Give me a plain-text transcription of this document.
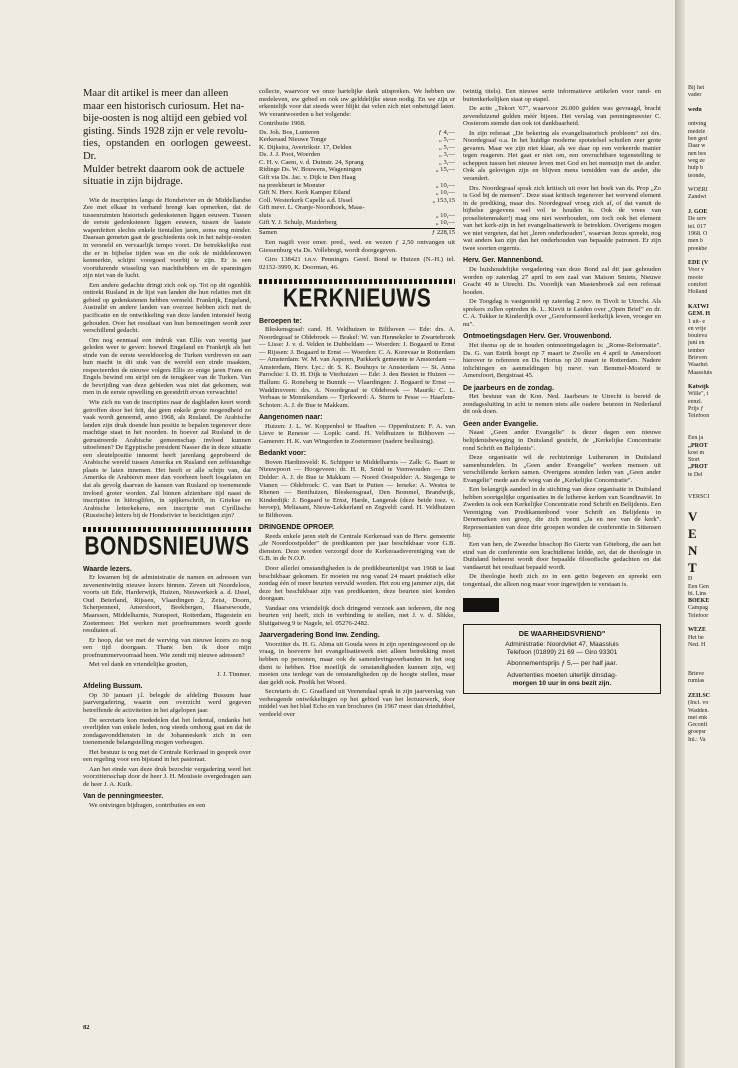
Maar dit artikel is meer dan alleen
maar een historisch curiosum. Het na-
bije-oosten is nog altijd een gebied vol
gisting. Sinds 1928 zijn er vele revolu-
ties, opstanden en oorlogen geweest. Dr.
Mulder betrekt daarom ook de actuele
situatie in zijn bijdrage.

Wie de inscripties langs de Hondsrivier en de Middellandse Zee met elkaar in verband brengt kan opmerken, dat de tussenruimten historisch gedenkstenen liggen eeuwen. Tussen de eerste gedenkstenen liggen eeuwen, tussen de laatste wapenfeiten slechts enkele tientallen jaren, soms nog minder. Daaraan gemeten gaat de geschiedenis ook in het nabije-oosten in versneld en vervaarlijk tempo voort. De betrekkelijke rust die er in bijbelse tijden was en die ook de middeleeuwen kenmerkte, schijnt voorgoed voorbij te zijn. Er is een voortdurende wisseling van machthebbers en de spanningen zijn niet van de lucht.

Een andere gedachte dringt zich ook op. Tot op dit ogenblik onttrekt Rusland in de lijst van landen die hun relaties met dit gebied op gedenkstenen hebben vermeld. Frankrijk, Engeland, Australië en andere landen van overzee hebben zich met de pacificatie en de ontwikkeling van deze landen intensief bezig gehouden. Over het resultaat van hun bemoeiingen wordt zeer verschillend gedacht.

Om nog eenmaal een indruk van Ellis van veertig jaar geleden weer te geven: hoewel Engeland en Frankrijk als het einde van de eerste wereldoorlog de Turken verdreven en aan hun macht in dit stuk van de wereld een einde maakten, respecteerden de nieuwe volgers Ellis zo enige jaren Frans en Engels bewind om strijd om de terugkeer van de Turken. Van de bevrijding van deze gebieden was niet dat gekomen, wat men in de eerste opwelling en geestdrift ervan verwachtte!

Wie zich nu van de inscripties naar de dagbladen keert wordt getroffen door het feit, dat geen enkele grote mogendheid zo vaak wordt genoemd, anno 1968, als Rusland. De Arabische landen zijn druk doende hun positie te bepalen tegenover deze machtige staat in het noorden. In hoever zal Rusland in de getrustreerde Arabische gemeenschap invloed kunnen uitoefenen? De Egyptische president Nasser die in deze situatie een sleutelpositie inneemt heeft jarenlang geprobeerd de Arabische wereld tussen Amerika en Rusland een zelfstandige plaats te laten innemen. Het heeft er alle schijn van, dat Amerika de Arabieren meer dan voorheen heeft losgelaten en dat als gevolg daarvan de kansen van Rusland op toenemende invloed groter worden. Zal binnen afzienbare tijd naast de inscripties in hiëroglifen, in spijkerschrift, in Griekse en Arabische letterkekens, een inscriptie met Cyrillische (Russische) letters bij de Hondsrivier te bezichtigen zijn?

BONDSNIEUWS
Waarde lezers.

Er kwamen bij de administratie de namen en adressen van zevenentwintig nieuwe lezers binnen. Zeven uit Noordeloos, voorts uit Ede, Harderwijk, Huizen, Nieuwerkerk a. d. IJssel, Oud Beierland, Rijssen, Vlaardingen 2, Zeist, Doorn, Scherpenneel, Amersfoort, Beekbergen, Haarsewoude, Maarssen, Middelharnis, Nunspeet, Rotterdam, Hagestein en Zoetermeer. Het werken met proefnummers wordt goede resultaten af.

Er hoop, dat we met de werving van nieuwe lezers zo nog een tijd doorgaan. Thans ben ik door mijn proefnummervoorraad heen. Wie zendt mij nieuwe adressen?

Met vel dank en vriendelijke groeten,

J. J. Timmer.

Afdeling Bussum.

Op 30 januari j.l. belegde de afdeling Bussum haar jaarvergadering, waarin een overzicht werd gegeven betreffende de activiteiten in het afgelopen jaar.

De secretaris kon mededelen dat het ledental, ondanks het overlijden van enkele leden, nog steeds omhoog gaat en dat de zondagavonddiensten in de Johanneskerk zich in een toenemende belangstelling mogen verheugen.

Het bestuur is nog met de Centrale Kerkraad in gesprek over een regeling voor een bijstand in het pastoraat.

Aan het einde van deze druk bezochte vergadering werd het voorzittersschap door de heer J. H. Mouissie overgedragen aan de heer J. A. Kuik.

Van de penningmeester.

We ontvingen bijdragen, contributies en een

collecte, waarvoor we onze hartelijke dank uitspreken. We hebben uw medeleven, uw gebed en ook uw gelddelijke steun nodig. En we zijn er erkentelijk voor dat steeds weer blijkt dat velen zich niet onbetuigd laten. We verantwoorden u het volgende:

Contributie 1968.
Ds. Joh. Bos, Lunteren	ƒ 4,—
Kerkeraad Nieuwe Tonge	„ 5,—
K. Dijkstra, Avertrikstr. 17, Delden	„ 5,—
Ds. J. J. Poot, Woerden	„ 3,—
C. H. v. Caem, v. d. Duinstr. 24, Sprang	„ 3,—
Ridinge Ds. W. Bouwens, Wageningen	„ 15,—
Gift via Ds. Jac. v. Dijk te Den Haag
na preekbeurt te Monster	„ 10,—
Gift N. Herv. Kerk Kamper Eiland	„ 10,—
Coll. Westerkerk Capelle a.d. IJssel	„ 153,15
Gift mevr. L. Oranje-Noordhoek, Maas-
sluis	„ 10,—
Gift Y. J. Schulp, Muiderberg	„ 10,—
Samen	ƒ 228,15

Een nagift voor emer. pred., wed. en wezen ƒ 2,50 ontvangen uit Giessenburg via Ds. Vollebregt, wordt doorgegeven.

Giro 138421 t.n.v. Penningm. Geref. Bond te Huizen (N.-H.) tel. 02152-3999, K. Doorman, 46.

KERKNIEUWS
Beroepen te:

Bleskensgraaf: cand. H. Veldhuizen te Bilthoven — Ede: drs. A. Noordegraaf te Oldebroek — Brakel: W. van Hennekeler te Zwartebroek — Lisse: J. v. d. Velden te Dubbeldam — Woerden: J. Bogaard te Ernst — Rijssen: J. Bogaard te Ernst — Woerden: C. A. Korevaar te Rotterdam — Amsterdam: W. M. van Asperen, Parkkerk gemeente te Amsterdam — Amsterdam, Herv. Lyc.: dr. S. K. Bouhuys te Amsterdam — St. Anna Parochie: I. D. H. Dijk te Vierhuizen — Ede: J. den Besten te Huizen — Hallum: G. Roneberg te Bunnik — Vlaardingen: J. Bogaard te Ernst — Waddinxveen: drs. A. Noordegraaf te Oldebroek — Maurik: C. L. Verbaas te Monnikendam — Tjerkwerd: A. Sturm te Pesse — Haarlem-Schoten: A. J. de Bue te Makkum.

Aangenomen naar:

Huizen: J. L. W. Koppenhol te Haaften — Oppenhuizen: F. A. van Lieve te Renesse — Lopik: cand. H. Veldhuizen te Bilthoven — Gameren: H. K. van Wingerden te Zoetermeer (nadere beslissing).

Bedankt voor:

Boven Hardinxveld: K. Schipper te Middelharnis — Zalk: G. Baart te Nieuwpoort — Hoogeveen: dr. H. R. Smid te Veenwouden — Den Dolder: A. J. de Bue te Makkum — Noord Oostpolder: A. Stegenga te Vianen — Oldebroek: C. van Bart te Putten — Ierseke: A. Westra te Rhenen — Benthuizen, Bleskensgraaf, Den Bommel, Brandwijk, Kinderdijk: J. Bogaard te Ernst, Harde, Langerak (deze beide toez. v. beroep), Meliasant, Nieuw-Lekkerland en Zegveld: cand. H. Veldhuizen te Bilthoven.

DRINGENDE OPROEP.

Reeds enkele jaren stelt de Centrale Kerkeraad van de Herv. gemeente „de Noordoostpolder" de predikanten per jaar beschikbaar voor G.B. diensten. Deze worden verzorgd door de Kerkeraadsvereniging van de G.B. in de N.O.P.

Door allerlei omstandigheden is de predikbeurtenlijst van 1968 te laat beschikbaar gekomen. Er moeten nu nog vanaf 24 maart praktisch elke zondag één of meer beurten vervuld worden. Het zou erg jammer zijn, dat deze het beschikbaar zijn van predikanten, deze beurten niet konden doorgaan.

Vandaar ons vriendelijk doch dringend verzoek aan iedereen, die nog beurten vrij heeft, zich in verbinding te stellen, met J. v. d. Slikke, Sluitgatweg 9 te Nagele, tel. 05276-2482.

Jaarvergadering Bond Inw. Zending.

Voorzitter ds. H. G. Abma uit Gouda wees in zijn openingswoord op de vraag, in hoeverre het evangelisatiewerk niet alleen betrekking moet hebben op personen, maar ook de samenlevingsverbanden in het oog dient te hebben. Hoe moeilijk de omstandigheden kunnen zijn, wij moeten ons terdege van de omstandigheden op de hoogte stellen, maar dan geldt ook. Predik het Woord.

Secretaris dr. C. Graafland uit Veenendaal sprak in zijn jaarverslag van verheugende ontwikkelingen op het gebied van het lectuurwerk, door middel van het blad Echo en van brochures (in 1967 meer dan driedubbel, verdeeld over

twintig titels). Een nieuwe serie informatieve artikelen voor rand- en buitenkerkelijken staat op stapel.

De actie „Tekort '67", waarvoor 26.000 gulden was gevraagd, bracht zevenduizend gulden méér bijeen. Het verslag van penningmeester C. Oosterom stemde dan ook tot dankbaarheid.

In zijn referaat „De bekering als evangelisatorisch probleem" zei drs. Noordegraaf o.a. In het huidige moderne spotstelsel schuilen zeer grote gevaren. Maar we zijn niet klaar, als we daar op een verkeerde manier tegen reageren. Het gaat er niet om, een onvruchtbare tegenstelling te scheppen tussen het nieuwe leven met God en het menszijn met de ander. Ook als gelovigen zijn en blijven mens temidden van de ander, die verandert.

Drs. Noordegraaf sprak zich kritisch uit over het boek van ds. Prop „Zo is God bij de mensen". Deze staat kritisch tegenover het wervend element in de prediking, maar drs. Noordegraaf vroeg zich af, of dat vanuit de bijbelse gegevens wel vol te houden is. Ook de vrees van proselietenmaker!j mag ons niet weerhouden, om toch ook het element van het kerk-zijn in het evangelisatiewerk te betrekken. Overigens mogen we niet vergeten, dat het „leren onderhouden", waarvan Jezus spreekt, nog wat anders kan zijn dan het onderhouden van bepaalde patronen. Er zijn twee soorten ergernis.

Herv. Ger. Mannenbond.

De huishoudelijke vergadering van deze Bond zal dit jaar gehouden worden op zaterdag 27 april in een zaal van Maison Smiets, Nieuwe Gracht 49 te Utrecht. Ds. Voordijk van Mastenbroek zal een referaat houden.

De Toogdag is vastgesteld op zaterdag 2 nov. in Tivoli te Utrecht. Als sprekers zullen optreden ds. L. Kievit te Leiden over „Open Brief" en dr. C. A. Tukker te Kinderdijk over „Gereformeerd kerkelijk leven, vroeger en nu".

Ontmoetingsdagen Herv. Ger. Vrouwenbond.

Het thema op de te houden ontmoetingsdagen is: „Rome-Reformatie". Ds. G. van Estrik hoopt op 7 maart te Zwolle en 4 april te Amersfoort hierover te refereren en Ds. Horius op 20 maart te Rotterdam. Nadere inlichtingen en aanmeldingen bij mevr. van Bemmel-Mosterd te Amersfoort, Bergstraat 45.

De jaarbeurs en de zondag.

Het bestuur van de Kon. Ned. Jaarbeurs te Utrecht is bereid de zondagssluiting in acht te nemen niets alle oudere beurzen in Nederland dit ook doen.

Geen ander Evangelie.

Naast „Geen ander Evangelie" is dezer dagen een nieuwe belijdenisbeweging in Duitsland gesticht, de „Kerkelijke Concentratie rond Schrift en Belijdenis".

Deze organisatie wil de rechtzinnige Lutheranen in Duitsland samenbundelen. In „Geen ander Evangelie" werken mensen uit verschillende kerken samen. Overigens stonden leden van „Geen ander Evangelie" mede aan de wieg van de „Kerkelijke Concentratie".

Een belangrijk aandeel in de stichting van deze organisatie in Duitsland hebben soortgelijke organisaties in de lutherse kerken van Scandinavië. In Zweden is ook een Kerkelijke Concentratie rond Schrift en Belijdenis. Een Vereniging van Predikantenbond voor Schrift en Belijdenis in Denemarken een groep, die zich noemt „Ja en nee van de kerk". Representanten van deze drie groepen wonden de conferentie in Sittensen bij.

Een van hen, de Zweedse bisschop Bo Giertz van Göteborg, die aan het eind van de conferentie een krachtdienst leidde, zei, dat de theologie in Duitsland beheerst wordt door bepaalde filosofische gedachten en dat vandaaruit het resultaat bepaald wordt.

De theologie heeft zich zo in een getto begeven en spreekt een tongentaal, die alleen nog maar voor ingewijden te verstaan is.

DE WAARHEIDSVRIEND"
Administratie: Noordvliet 47, Maassluis
Telefoon (01899) 21 69 — Giro 93301
Abonnementsprijs ƒ 5,— per half jaar.
Advertenties moeten uiterlijk dinsdag-
morgen 10 uur in ons bezit zijn.
82
Bij het
vader
wedu
ontving
medele
ben ged
Daar w
nen bes
weg ze
hulp b
teonde,
WOERI
Zandwi
J. GOE
De serv
tel. 017
1968. O
men b
preekbe
EDE (V
Voor v
mooie
comfort
Holland
KATWI
GEM. H
1 uit- e
en vrije
bouleva
juni en
tember
Brieven
Waarhei
Maassluis
Katwijk
Wille", t
eenzl.
Prijs ƒ
Telefoon
Een ja
„PROT
kost m
Stort
„PROT
te Del
VERSCI
V
E
N
T
D
Een Gen
bl. Lins
BOEKE
Campag
Telefoor
WEZE
Het be
Ned. H
Brieve
rumlas
ZEILSC
(Incl. vo
Wadden.
met enk
Geconfi
groepsr
Inl.: Va
